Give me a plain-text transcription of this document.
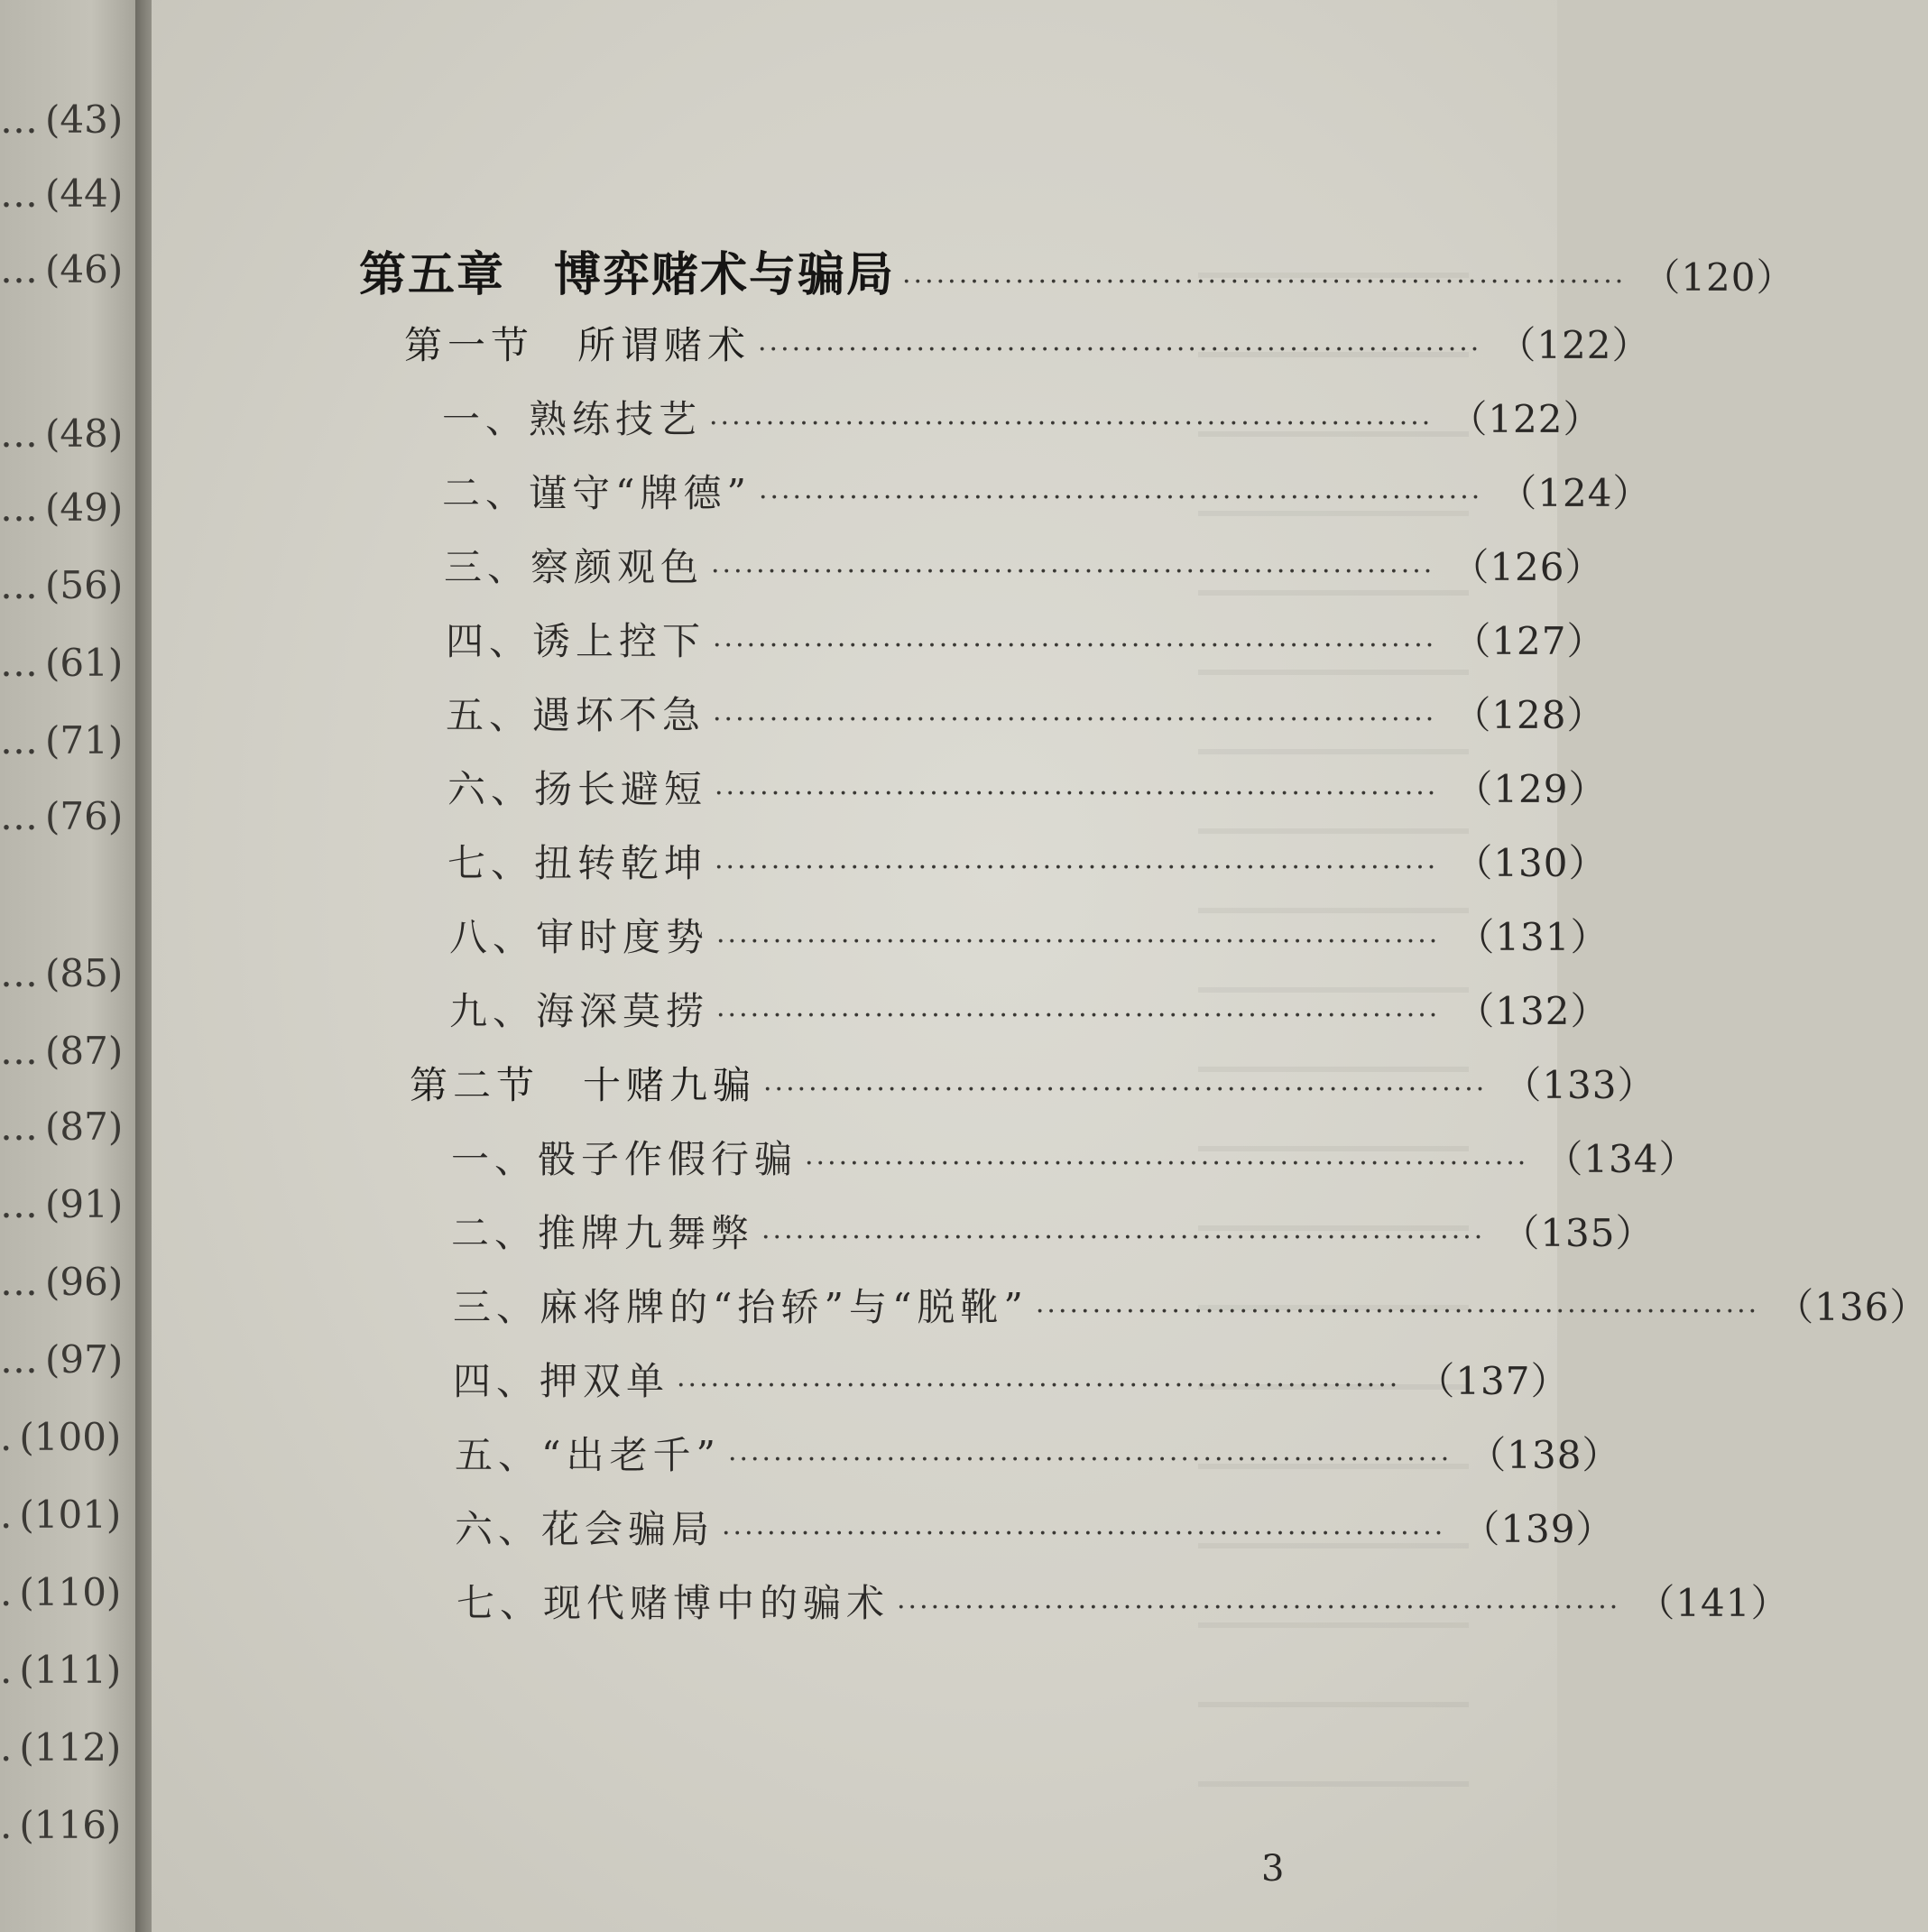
… (43)
… (44)
… (46)
… (48)
… (49)
… (56)
… (61)
… (71)
… (76)
… (85)
… (87)
… (87)
… (91)
… (96)
… (97)
. (100)
. (101)
. (110)
. (111)
. (112)
. (116)
第五章　博弈赌术与骗局 ································································ （120）
第一节　所谓赌术 ································································ （122）
一、熟练技艺 ································································ （122）
二、谨守“牌德” ································································ （124）
三、察颜观色 ································································ （126）
四、诱上控下 ································································ （127）
五、遇坏不急 ································································ （128）
六、扬长避短 ································································ （129）
七、扭转乾坤 ································································ （130）
八、审时度势 ································································ （131）
九、海深莫捞 ································································ （132）
第二节　十赌九骗 ································································ （133）
一、骰子作假行骗 ································································ （134）
二、推牌九舞弊 ································································ （135）
三、麻将牌的“抬轿”与“脱靴” ································································ （136）
四、押双单 ································································ （137）
五、“出老千” ································································ （138）
六、花会骗局 ································································ （139）
七、现代赌博中的骗术 ································································ （141）
3
